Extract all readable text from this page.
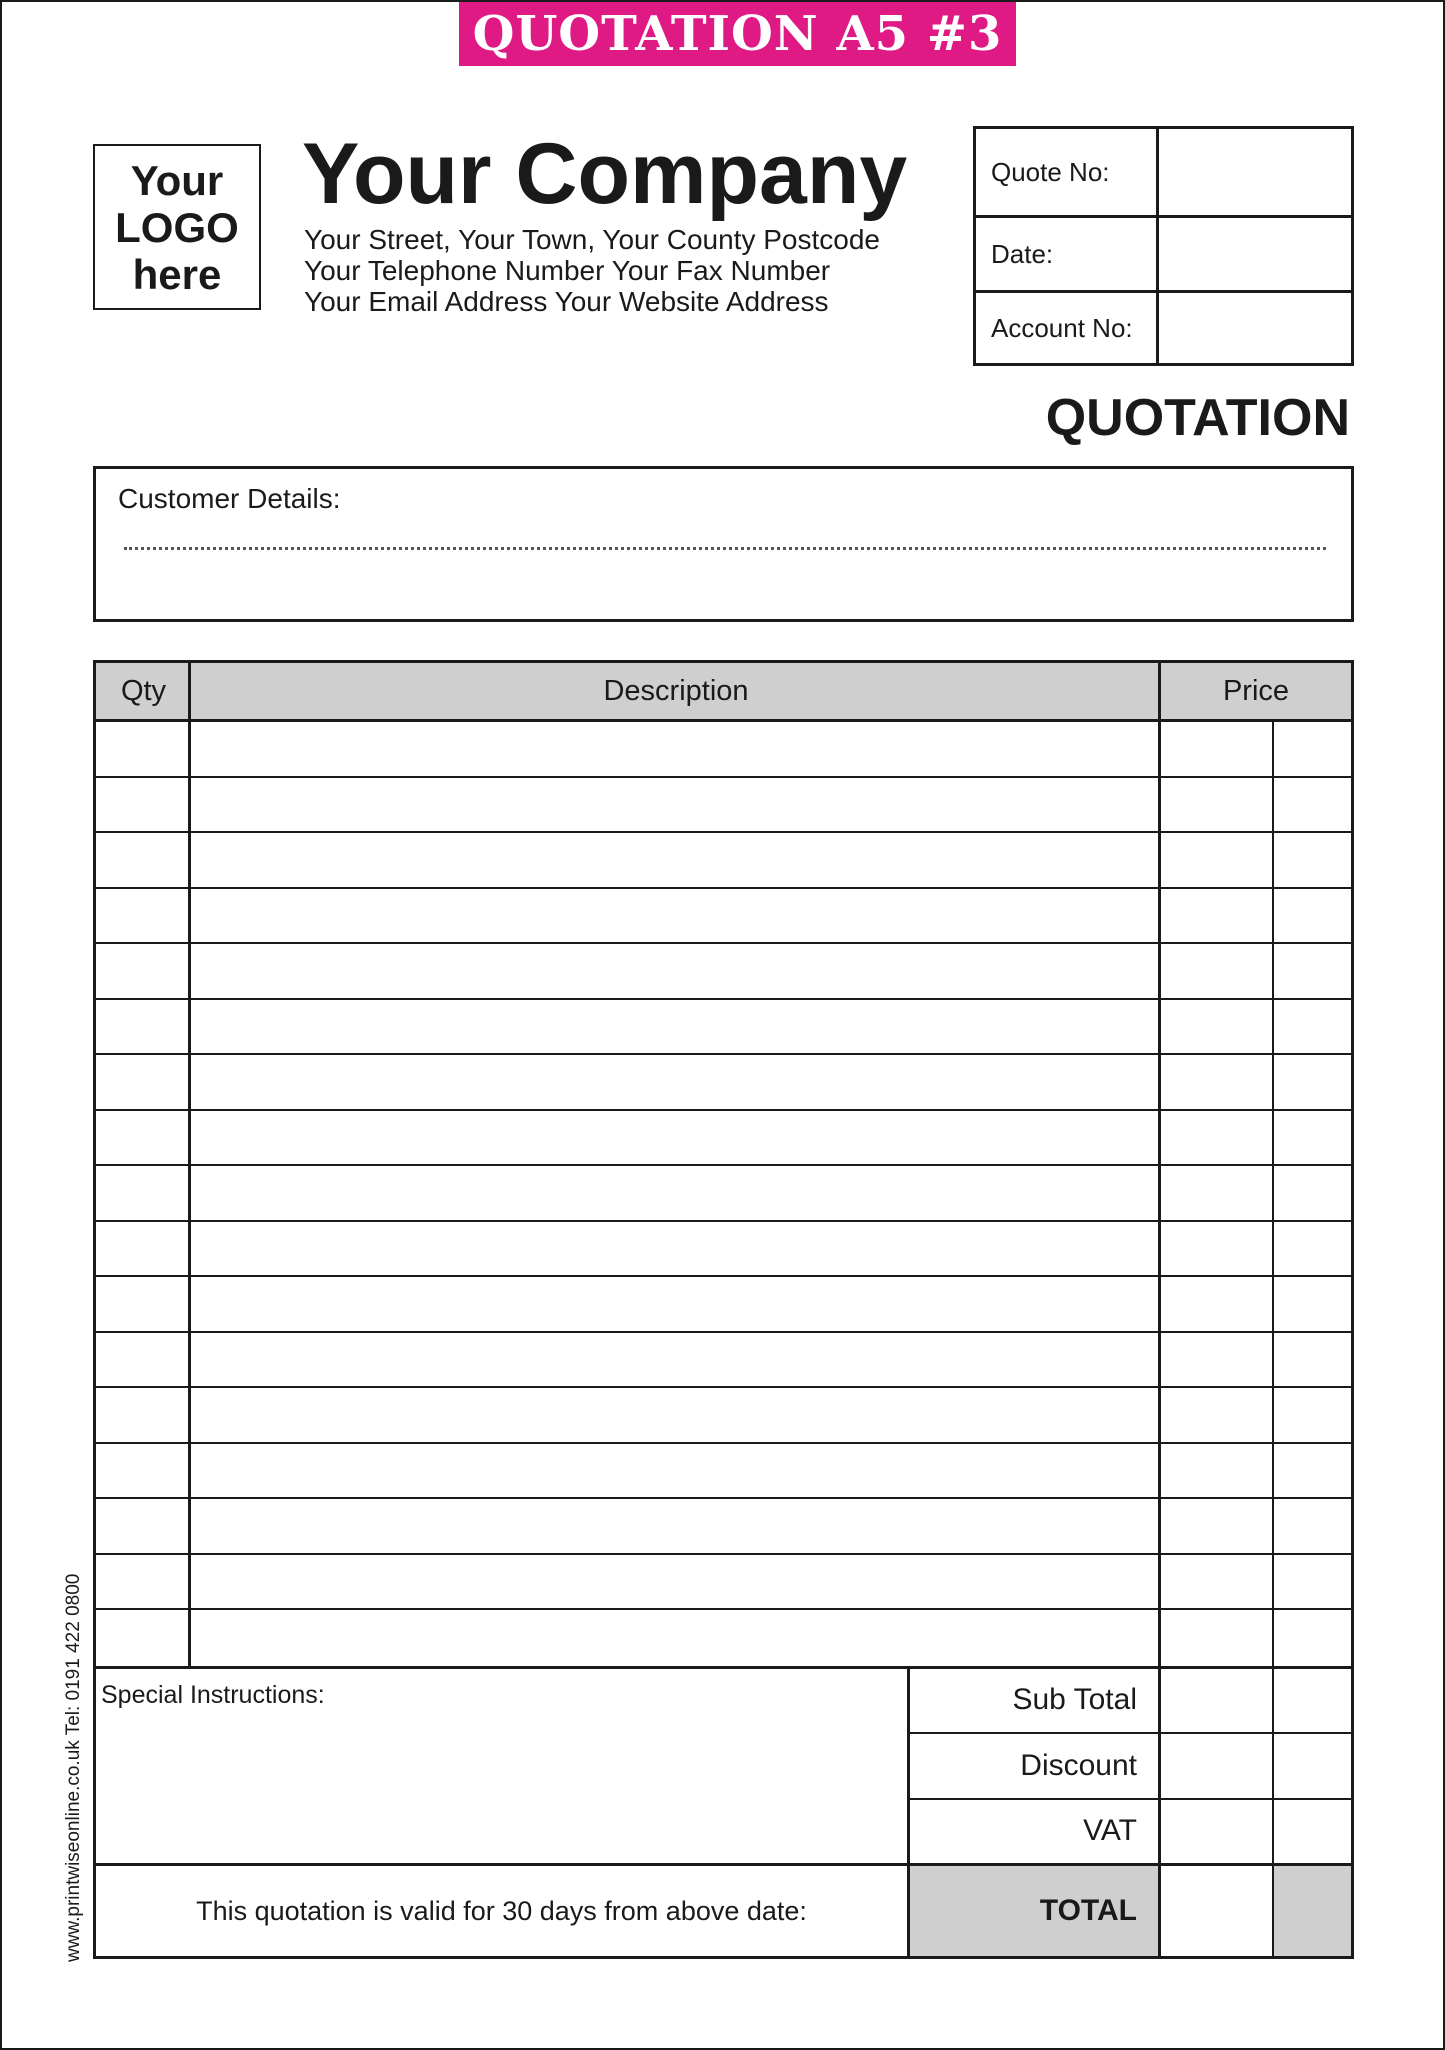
QUOTATION A5 #3
Your
LOGO
here
Your Company
Your Street, Your Town, Your County Postcode
Your Telephone Number Your Fax Number
Your Email Address Your Website Address
Quote No:
Date:
Account No:
QUOTATION
Customer Details:
Qty	Description	Price
Special Instructions:	Sub Total
Discount
VAT
TOTAL
This quotation is valid for 30 days from above date:
www.printwiseonline.co.uk Tel: 0191 422 0800
